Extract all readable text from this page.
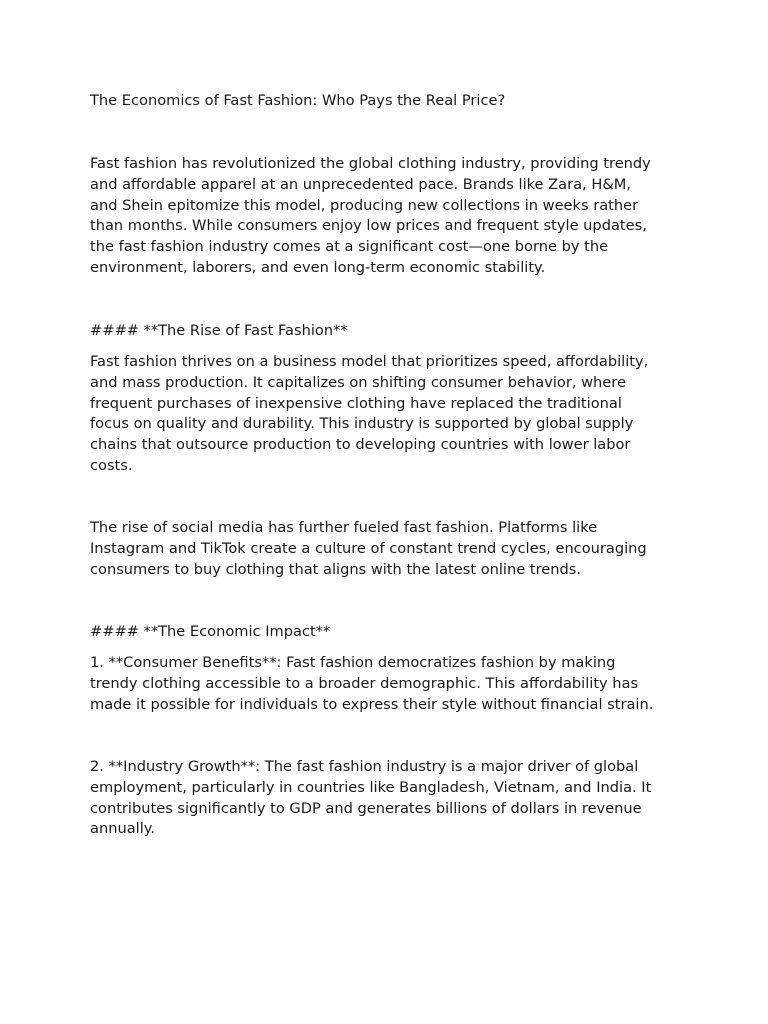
The Economics of Fast Fashion: Who Pays the Real Price?

Fast fashion has revolutionized the global clothing industry, providing trendy
and affordable apparel at an unprecedented pace. Brands like Zara, H&M,
and Shein epitomize this model, producing new collections in weeks rather
than months. While consumers enjoy low prices and frequent style updates,
the fast fashion industry comes at a significant cost—one borne by the
environment, laborers, and even long-term economic stability.

#### **The Rise of Fast Fashion**

Fast fashion thrives on a business model that prioritizes speed, affordability,
and mass production. It capitalizes on shifting consumer behavior, where
frequent purchases of inexpensive clothing have replaced the traditional
focus on quality and durability. This industry is supported by global supply
chains that outsource production to developing countries with lower labor
costs.

The rise of social media has further fueled fast fashion. Platforms like
Instagram and TikTok create a culture of constant trend cycles, encouraging
consumers to buy clothing that aligns with the latest online trends.

#### **The Economic Impact**

1. **Consumer Benefits**: Fast fashion democratizes fashion by making
trendy clothing accessible to a broader demographic. This affordability has
made it possible for individuals to express their style without financial strain.

2. **Industry Growth**: The fast fashion industry is a major driver of global
employment, particularly in countries like Bangladesh, Vietnam, and India. It
contributes significantly to GDP and generates billions of dollars in revenue
annually.
